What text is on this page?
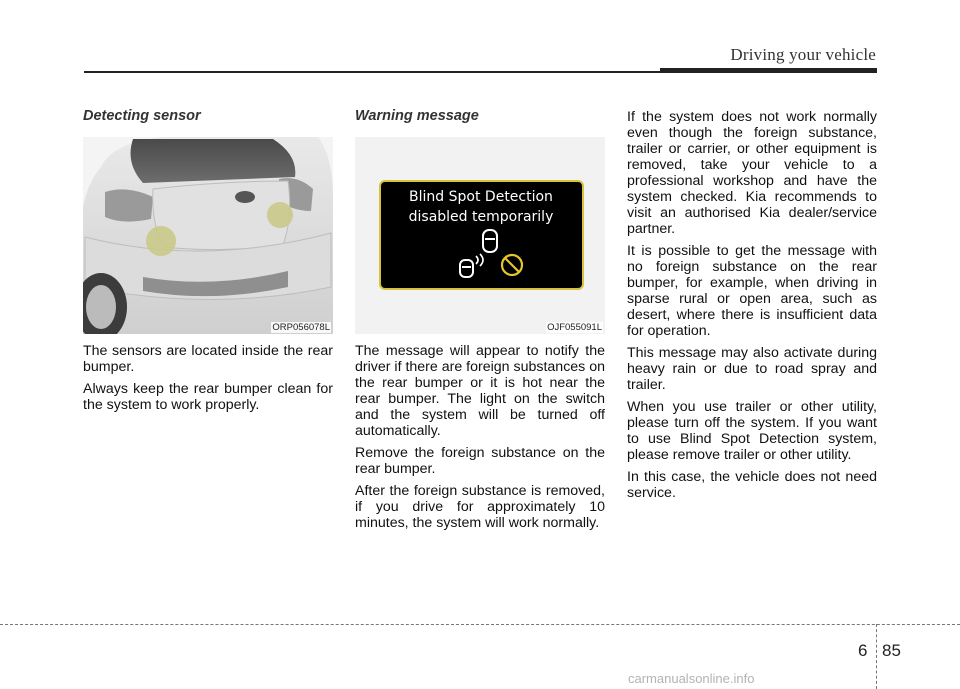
Driving your vehicle
Detecting sensor
ORP056078L

The sensors are located inside the rear bumper.

Always keep the rear bumper clean for the system to work properly.

Warning message
Blind Spot Detection
disabled temporarily
OJF055091L

The message will appear to notify the driver if there are foreign substances on the rear bumper or it is hot near the rear bumper. The light on the switch and the system will be turned off automatically.

Remove the foreign substance on the rear bumper.

After the foreign substance is removed, if you drive for approximately 10 minutes, the system will work normally.

If the system does not work normally even though the foreign substance, trailer or carrier, or other equipment is removed, take your vehicle to a professional workshop and have the system checked. Kia recommends to visit an authorised Kia dealer/service partner.

It is possible to get the message with no foreign substance on the rear bumper, for example, when driving in sparse rural or open area, such as desert, where there is insufficient data for operation.

This message may also activate during heavy rain or due to road spray and trailer.

When you use trailer or other utility, please turn off the system. If you want to use Blind Spot Detection system, please remove trailer or other utility.

In this case, the vehicle does not need service.

6 85
carmanualsonline.info
